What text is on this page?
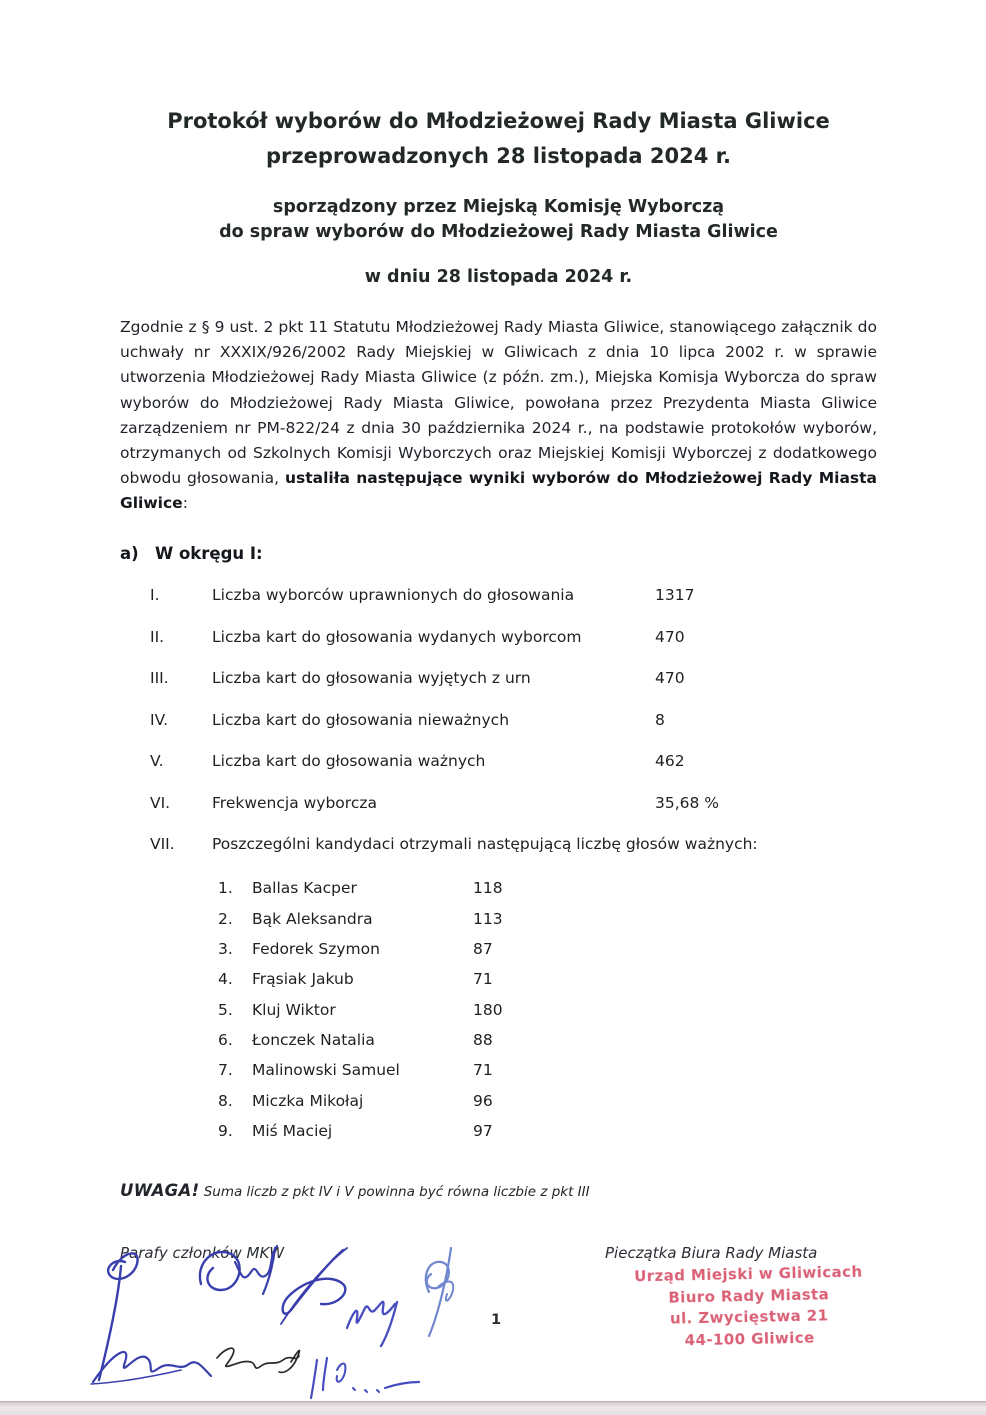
Protokół wyborów do Młodzieżowej Rady Miasta Gliwice
przeprowadzonych 28 listopada 2024 r.
sporządzony przez Miejską Komisję Wyborczą
do spraw wyborów do Młodzieżowej Rady Miasta Gliwice
w dniu 28 listopada 2024 r.

Zgodnie z § 9 ust. 2 pkt 11 Statutu Młodzieżowej Rady Miasta Gliwice, stanowiącego załącznik do uchwały nr XXXIX/926/2002 Rady Miejskiej w Gliwicach z dnia 10 lipca 2002 r. w sprawie utworzenia Młodzieżowej Rady Miasta Gliwice (z późn. zm.), Miejska Komisja Wyborcza do spraw wyborów do Młodzieżowej Rady Miasta Gliwice, powołana przez Prezydenta Miasta Gliwice zarządzeniem nr PM-822/24 z dnia 30 października 2024 r., na podstawie protokołów wyborów, otrzymanych od Szkolnych Komisji Wyborczych oraz Miejskiej Komisji Wyborczej z dodatkowego obwodu głosowania, ustaliła następujące wyniki wyborów do Młodzieżowej Rady Miasta Gliwice:

a) W okręgu I:
I.	Liczba wyborców uprawnionych do głosowania	1317
II.	Liczba kart do głosowania wydanych wyborcom	470
III.	Liczba kart do głosowania wyjętych z urn	470
IV.	Liczba kart do głosowania nieważnych	8
V.	Liczba kart do głosowania ważnych	462
VI.	Frekwencja wyborcza	35,68 %
VII.	Poszczególni kandydaci otrzymali następującą liczbę głosów ważnych:
1.	Ballas Kacper	118
2.	Bąk Aleksandra	113
3.	Fedorek Szymon	87
4.	Frąsiak Jakub	71
5.	Kluj Wiktor	180
6.	Łonczek Natalia	88
7.	Malinowski Samuel	71
8.	Miczka Mikołaj	96
9.	Miś Maciej	97

UWAGA! Suma liczb z pkt IV i V powinna być równa liczbie z pkt III

Parafy członków MKW	Pieczątka Biura Rady Miasta
1
Urząd Miejski w Gliwicach
Biuro Rady Miasta
ul. Zwycięstwa 21
44-100 Gliwice
